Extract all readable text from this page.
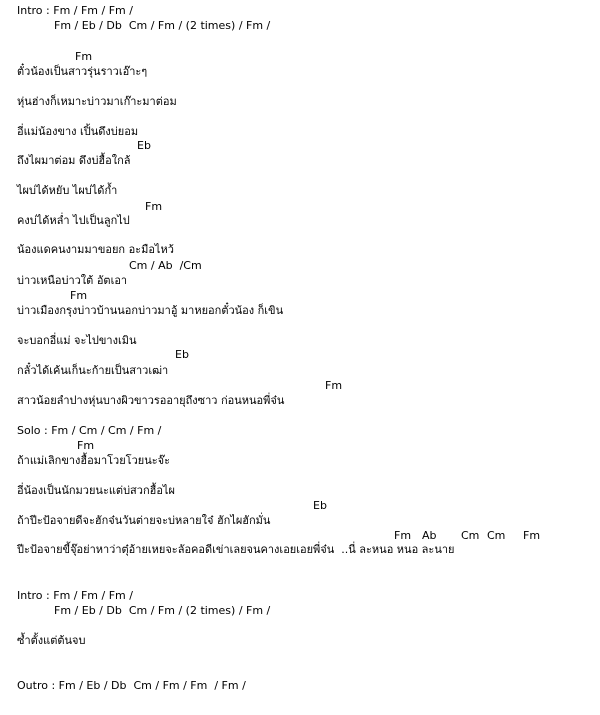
Intro : Fm / Fm / Fm /
Fm / Eb / Db  Cm / Fm / (2 times) / Fm /
Fm
ตั๋วน้องเป็นสาวรุ่นราวเอ๊าะๆ
หุ่นฮ่างก็เหมาะบ่าวมาเก๊าะมาต่อม
อี่แม่น้องขาง เปิ้นดึงบ่ยอม
Eb
ถึงไผมาต่อม ดึงบ่ฮื้อใกล้
ไผบ่ได้หยับ ไผบ่ได้ก้ำ
Fm
คงบ่ได้หล่ำ ไปเป็นลูกไป
น้องแดคนงามมาขอยก อะมือไหว้
Cm / Ab  /Cm
บ่าวเหนือบ่าวใต้ อัตเอา
Fm
บ่าวเมืองกรุงบ่าวบ้านนอกบ่าวมาอู้ มาหยอกตั๋วน้อง ก็เขิน
จะบอกอี่แม่ จะไปขางเมิน
Eb
กลั๋วได้เค้นเก็นะก้ายเป็นสาวเฒ่า
Fm
สาวน้อยลำปางหุ่นบางผิวขาวรออายุถึงซาว ก่อนหนอพี่จ๋น
Solo : Fm / Cm / Cm / Fm /
Fm
ถ้าแม่เลิกขางฮื้อมาโวยโวยนะจ๊ะ
อี่น้องเป็นนักมวยนะแต่บ่สวกฮื้อไผ
Eb
ถ้าปีะป้อจายดีจะฮักจ๋นวันต่ายจะบ่หลายใจ๋ ฮักไผฮักมั่น

Fm

Ab

Cm

Cm

Fm

ปีะป้อจายขี้จุ๊อย่าหาว่าตุ๋อ้ายเหยจะลัอคอดีเข่าเลยจนคางเอยเอยพี่จ๋น  ..นี่ ละหนอ หนอ ละนาย
Intro : Fm / Fm / Fm /
Fm / Eb / Db  Cm / Fm / (2 times) / Fm /
ซ้ำตั้งแต่ต้นจบ
Outro : Fm / Eb / Db  Cm / Fm / Fm  / Fm /
